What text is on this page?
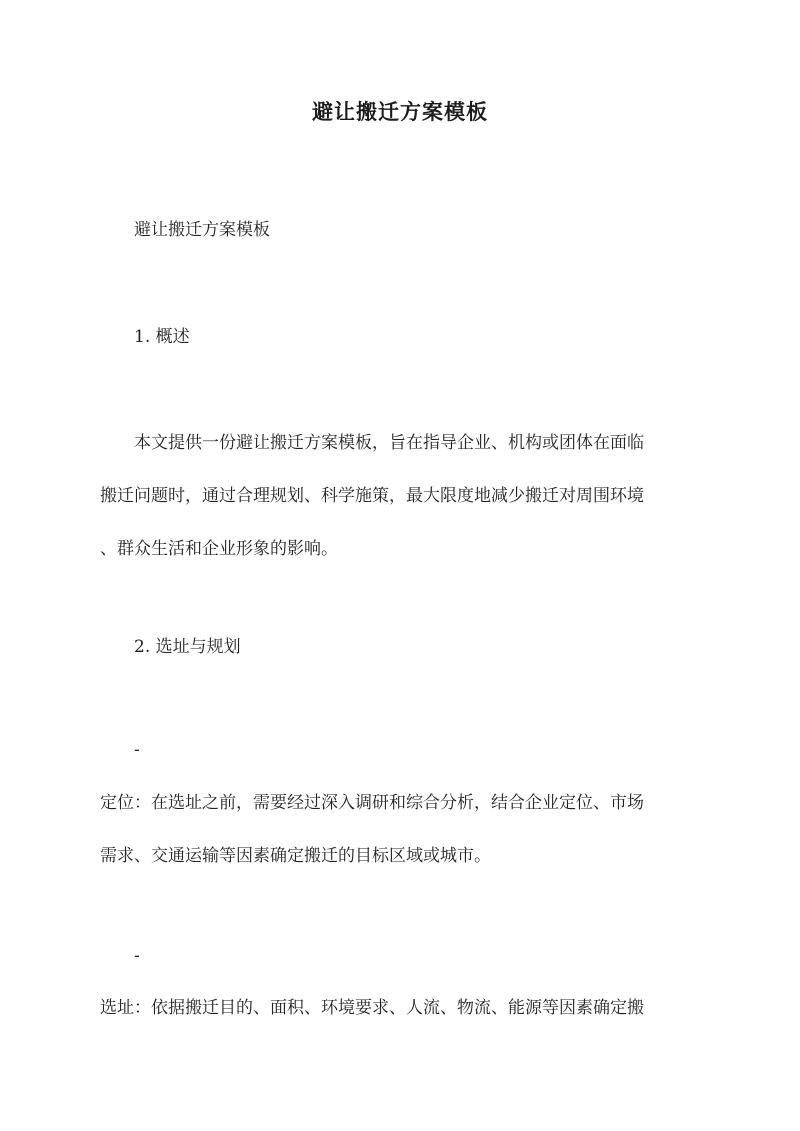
避让搬迁方案模板
避让搬迁方案模板
1. 概述
本文提供一份避让搬迁方案模板，旨在指导企业、机构或团体在面临
搬迁问题时，通过合理规划、科学施策，最大限度地减少搬迁对周围环境
、群众生活和企业形象的影响。
2. 选址与规划
-
定位：在选址之前，需要经过深入调研和综合分析，结合企业定位、市场
需求、交通运输等因素确定搬迁的目标区域或城市。
-
选址：依据搬迁目的、面积、环境要求、人流、物流、能源等因素确定搬
